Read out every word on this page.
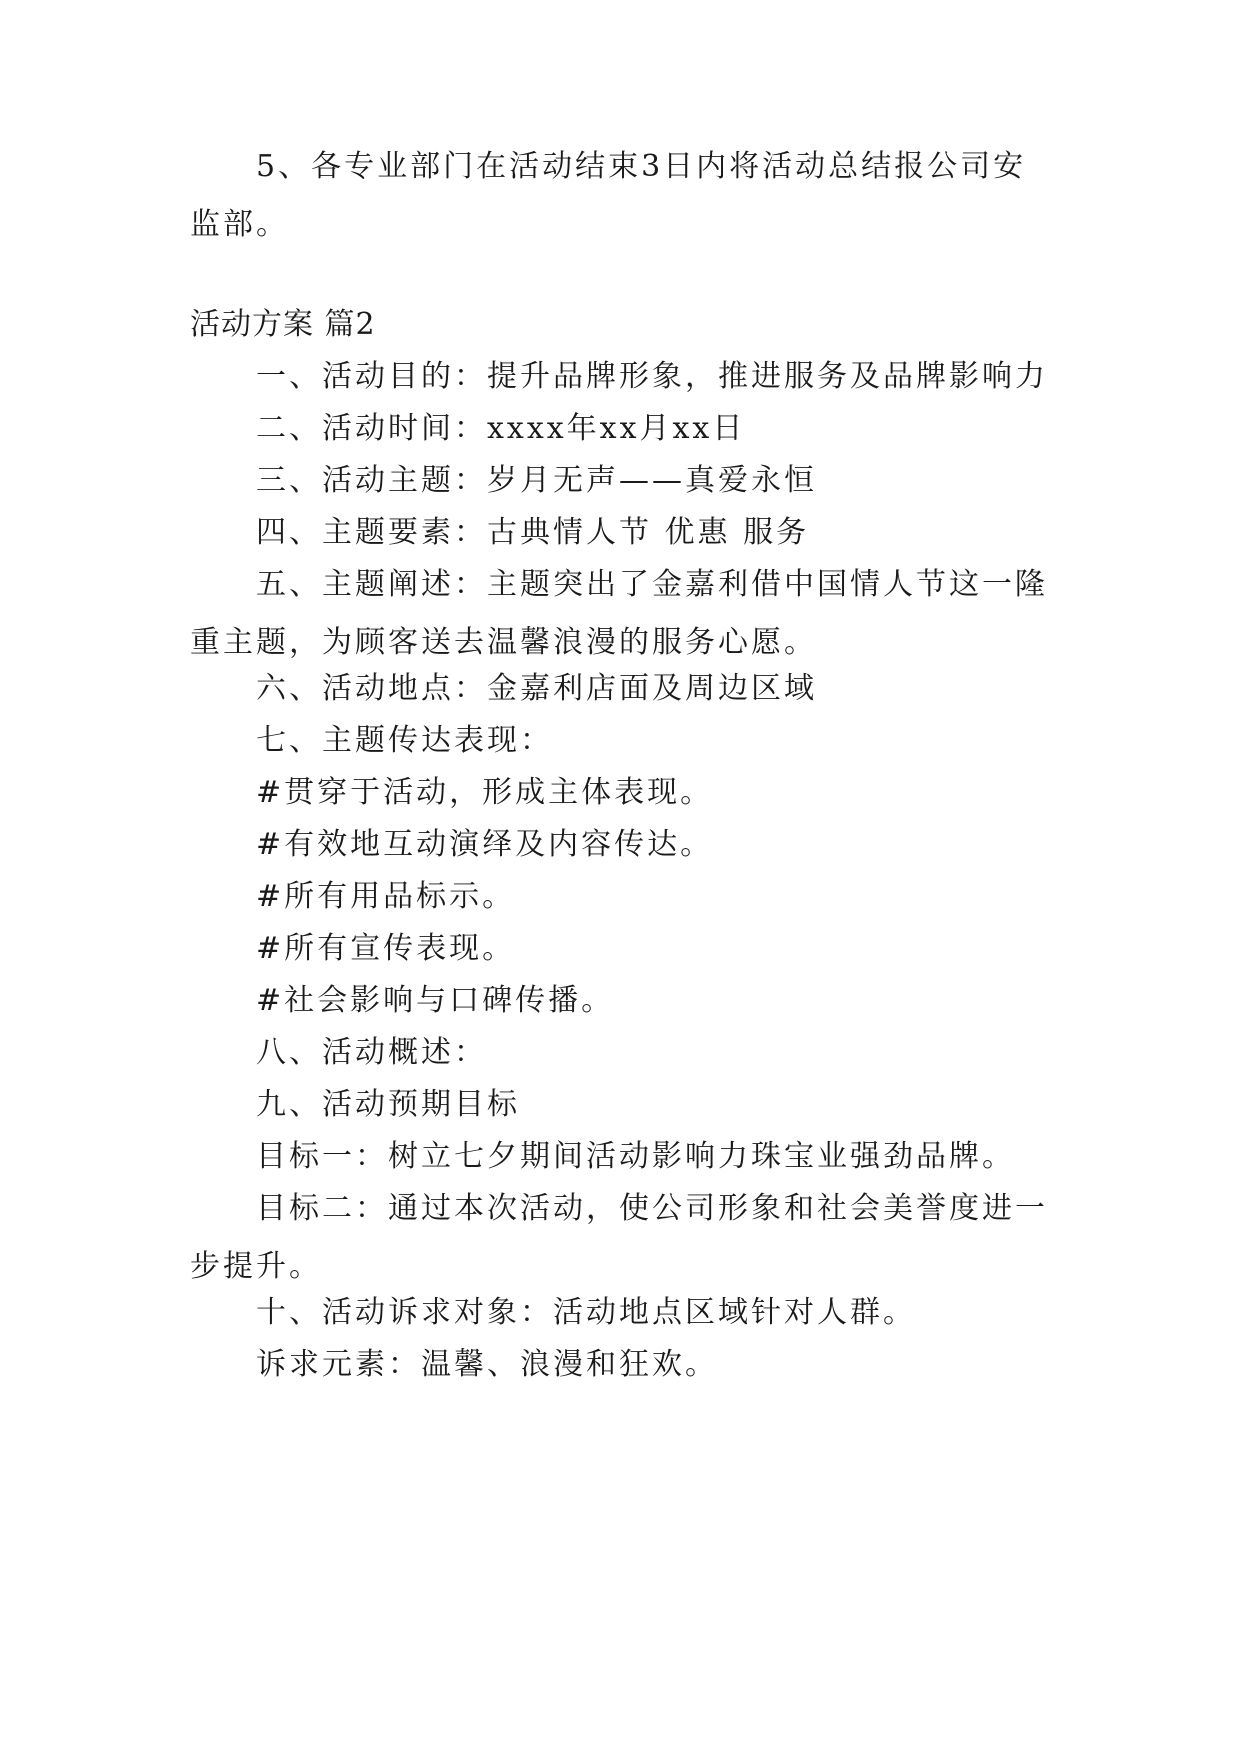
5、各专业部门在活动结束3日内将活动总结报公司安监部。

活动方案 篇2

一、活动目的：提升品牌形象，推进服务及品牌影响力

二、活动时间：xxxx年xx月xx日

三、活动主题：岁月无声——真爱永恒

四、主题要素：古典情人节 优惠 服务

五、主题阐述：主题突出了金嘉利借中国情人节这一隆重主题，为顾客送去温馨浪漫的服务心愿。

六、活动地点：金嘉利店面及周边区域

七、主题传达表现：

#贯穿于活动，形成主体表现。

#有效地互动演绎及内容传达。

#所有用品标示。

#所有宣传表现。

#社会影响与口碑传播。

八、活动概述：

九、活动预期目标

目标一：树立七夕期间活动影响力珠宝业强劲品牌。

目标二：通过本次活动，使公司形象和社会美誉度进一步提升。

十、活动诉求对象：活动地点区域针对人群。

诉求元素：温馨、浪漫和狂欢。
